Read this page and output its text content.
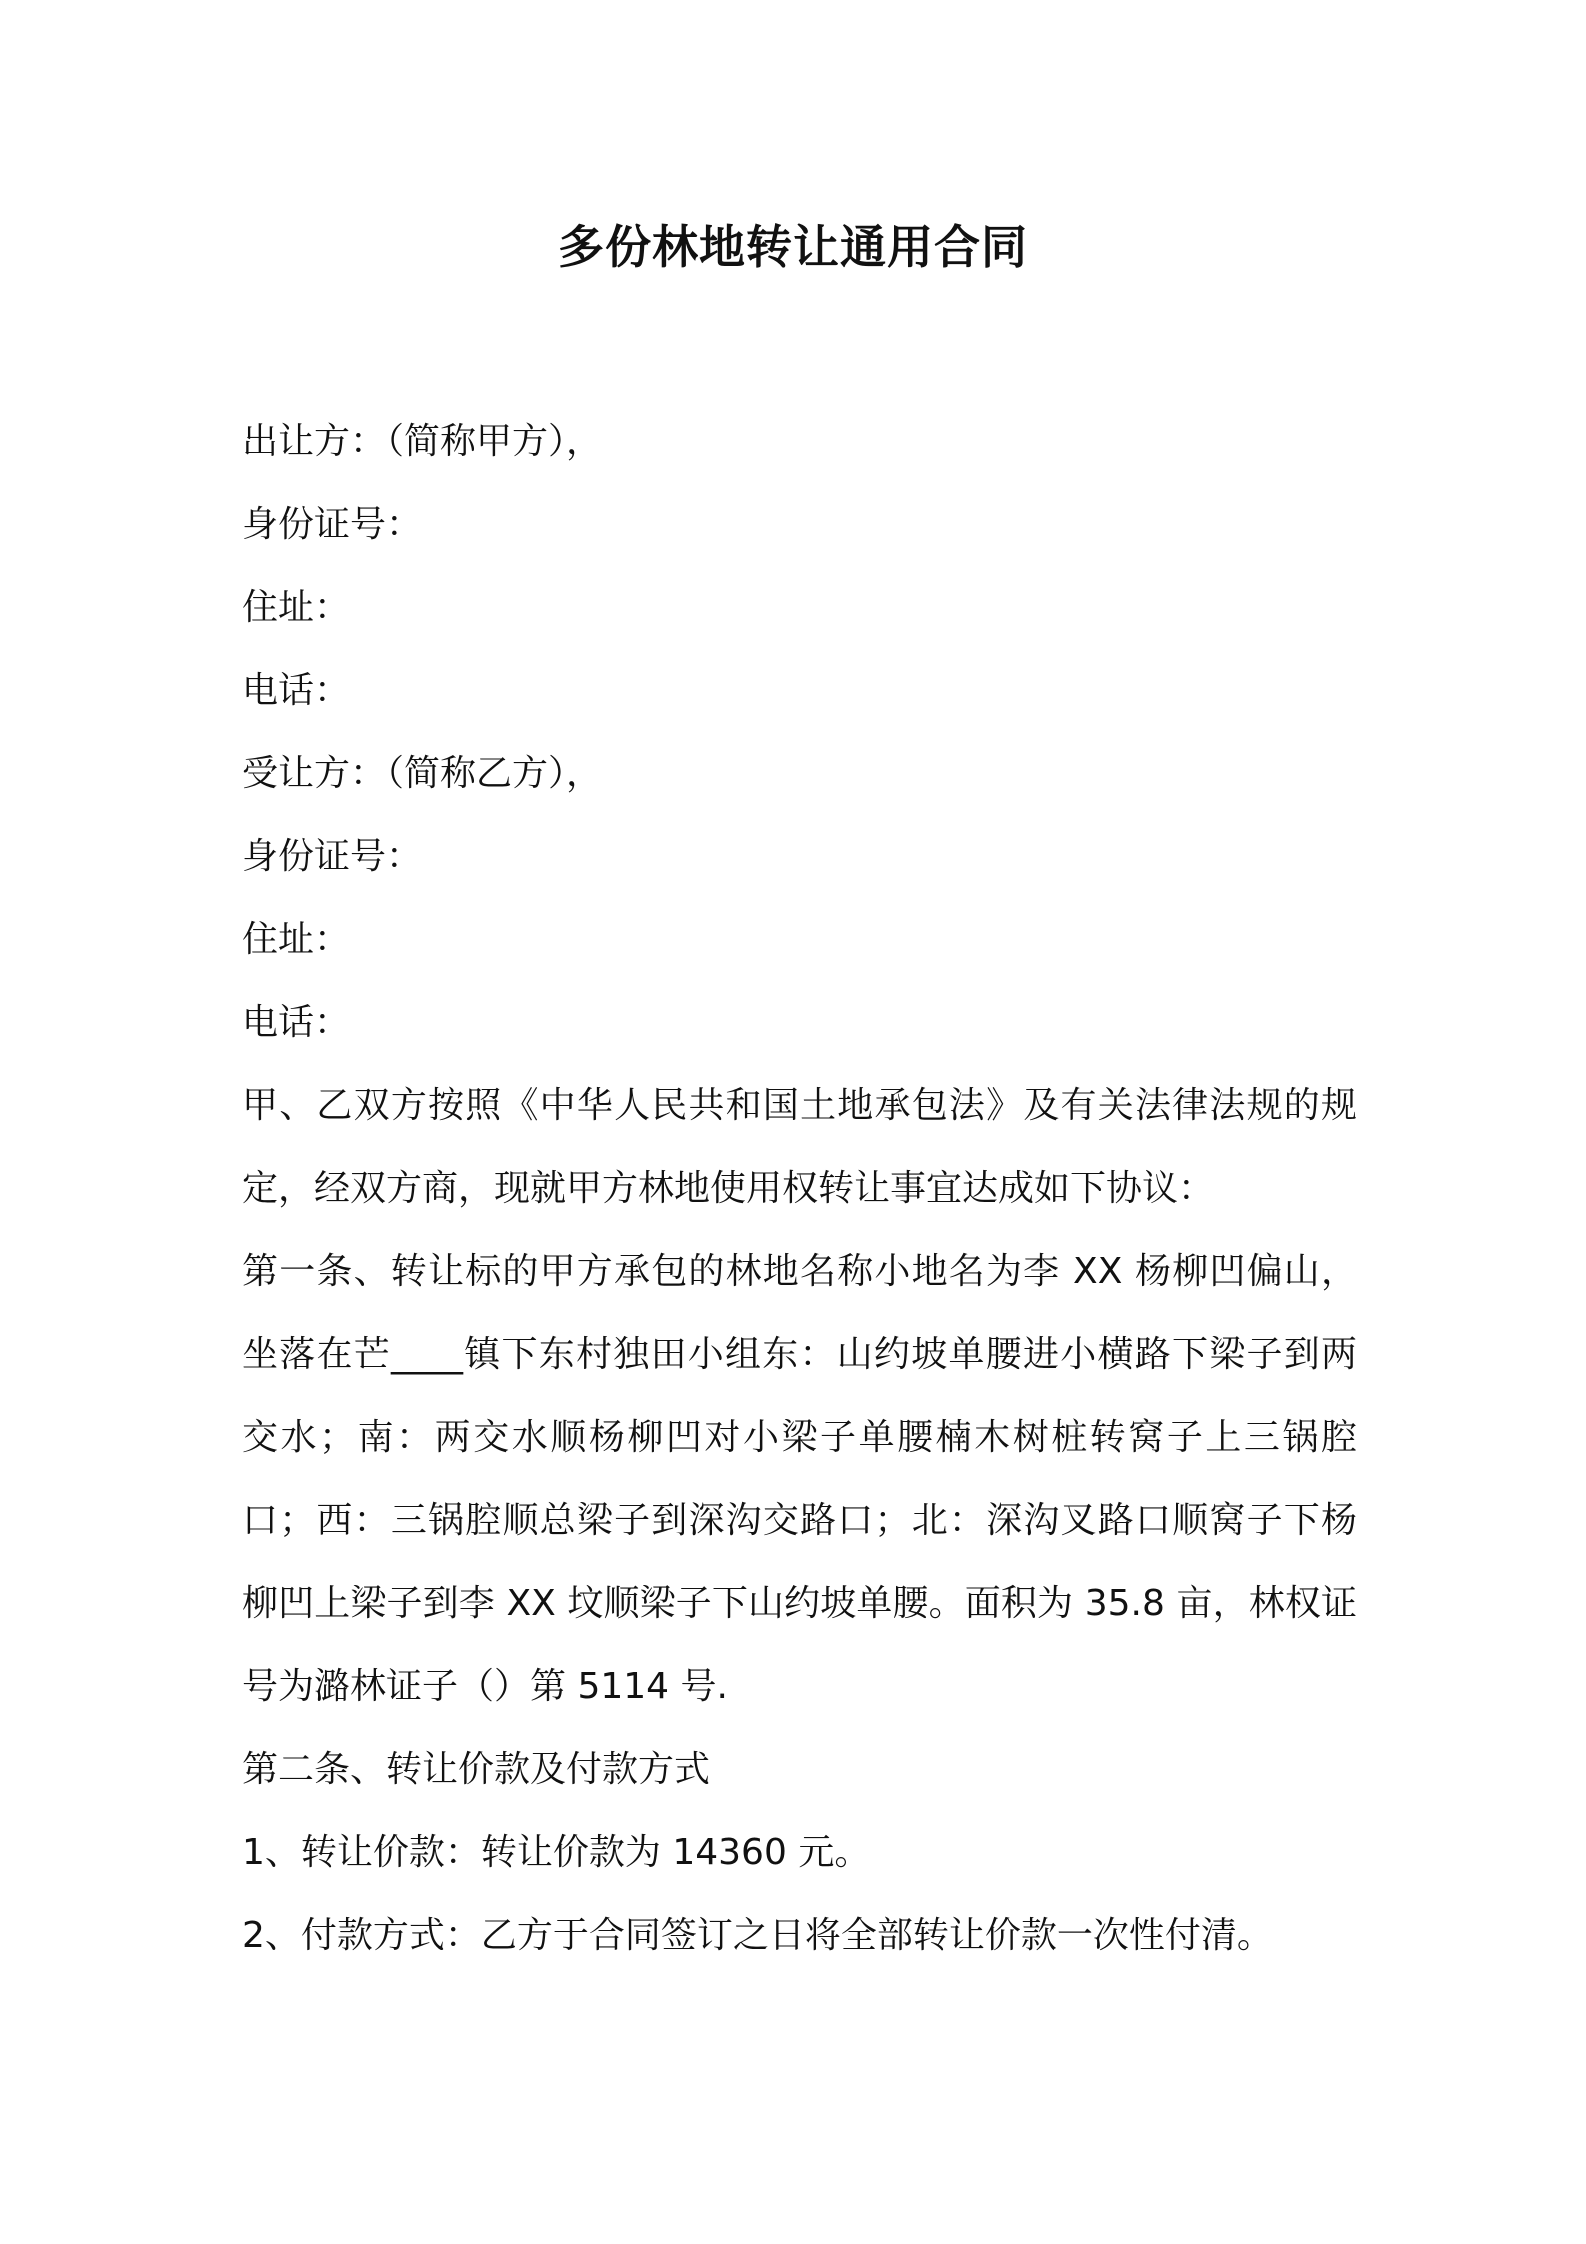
多份林地转让通用合同
出让方：（简称甲方），
身份证号：
住址：
电话：
受让方：（简称乙方），
身份证号：
住址：
电话：
甲、乙双方按照《中华人民共和国土地承包法》及有关法律法规的规定，经双方商，现就甲方林地使用权转让事宜达成如下协议：
第一条、转让标的甲方承包的林地名称小地名为李 XX 杨柳凹偏山，坐落在芒____镇下东村独田小组东：山约坡单腰进小横路下梁子到两交水；南：两交水顺杨柳凹对小梁子单腰楠木树桩转窝子上三锅腔口；西：三锅腔顺总梁子到深沟交路口；北：深沟叉路口顺窝子下杨柳凹上梁子到李 XX 坟顺梁子下山约坡单腰。面积为 35.8 亩，林权证号为潞林证子（）第 5114 号.
第二条、转让价款及付款方式
1、转让价款：转让价款为 14360 元。
2、付款方式：乙方于合同签订之日将全部转让价款一次性付清。
